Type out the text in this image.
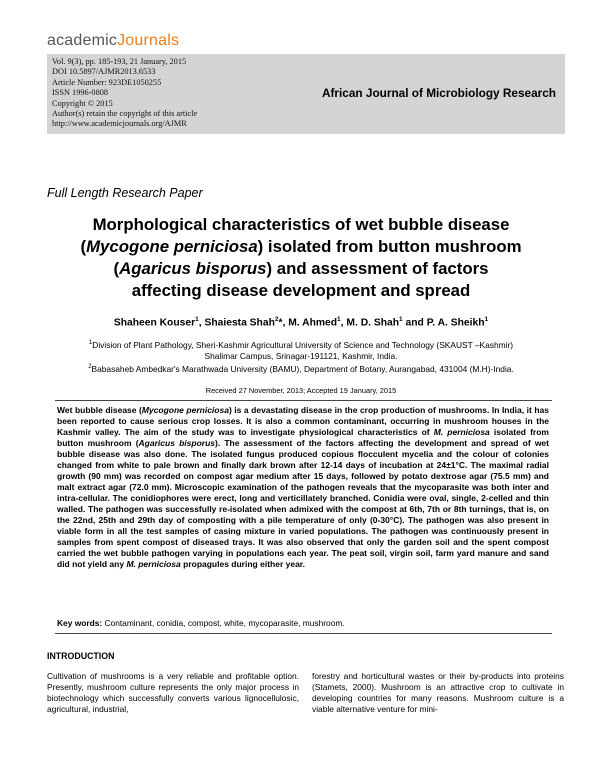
academicJournals
Vol. 9(3), pp. 185-193, 21 January, 2015
DOI 10.5897/AJMR2013.6533
Article Number: 923DE1050255
ISSN 1996-0808
Copyright © 2015
Author(s) retain the copyright of this article
http://www.academicjournals.org/AJMR
African Journal of Microbiology Research
Full Length Research Paper
Morphological characteristics of wet bubble disease
(Mycogone perniciosa) isolated from button mushroom
(Agaricus bisporus) and assessment of factors
affecting disease development and spread
Shaheen Kouser$^1$, Shaiesta Shah$^2$*, M. Ahmed$^1$, M. D. Shah$^1$ and P. A. Sheikh$^1$
$^1$Division of Plant Pathology, Sheri-Kashmir Agricultural University of Science and Technology (SKAUST –Kashmir)
Shalimar Campus, Srinagar-191121, Kashmir, India.
$^2$Babasaheb Ambedkar's Marathwada University (BAMU), Department of Botany, Aurangabad, 431004 (M.H)-India.
Received 27 November, 2013; Accepted 19 January, 2015
Wet bubble disease (Mycogone perniciosa) is a devastating disease in the crop production of mushrooms. In India, it has been reported to cause serious crop losses. It is also a common contaminant, occurring in mushroom houses in the Kashmir valley. The aim of the study was to investigate physiological characteristics of M. perniciosa isolated from button mushroom (Agaricus bisporus). The assessment of the factors affecting the development and spread of wet bubble disease was also done. The isolated fungus produced copious flocculent mycelia and the colour of colonies changed from white to pale brown and finally dark brown after 12-14 days of incubation at 24±1°C. The maximal radial growth (90 mm) was recorded on compost agar medium after 15 days, followed by potato dextrose agar (75.5 mm) and malt extract agar (72.0 mm). Microscopic examination of the pathogen reveals that the mycoparasite was both inter and intra-cellular. The conidiophores were erect, long and verticillately branched. Conidia were oval, single, 2-celled and thin walled. The pathogen was successfully re-isolated when admixed with the compost at 6th, 7th or 8th turnings, that is, on the 22nd, 25th and 29th day of composting with a pile temperature of only (0-30°C). The pathogen was also present in viable form in all the test samples of casing mixture in varied populations. The pathogen was continuously present in samples from spent compost of diseased trays. It was also observed that only the garden soil and the spent compost carried the wet bubble pathogen varying in populations each year. The peat soil, virgin soil, farm yard manure and sand did not yield any M. perniciosa propagules during either year.
Key words: Contaminant, conidia, compost, white, mycoparasite, mushroom.
INTRODUCTION
Cultivation of mushrooms is a very reliable and profitable option. Presently, mushroom culture represents the only major process in biotechnology which successfully converts various lignocellulosic, agricultural, industrial,
forestry and horticultural wastes or their by-products into proteins (Stamets, 2000). Mushroom is an attractive crop to cultivate in developing countries for many reasons. Mushroom culture is a viable alternative venture for mini-
